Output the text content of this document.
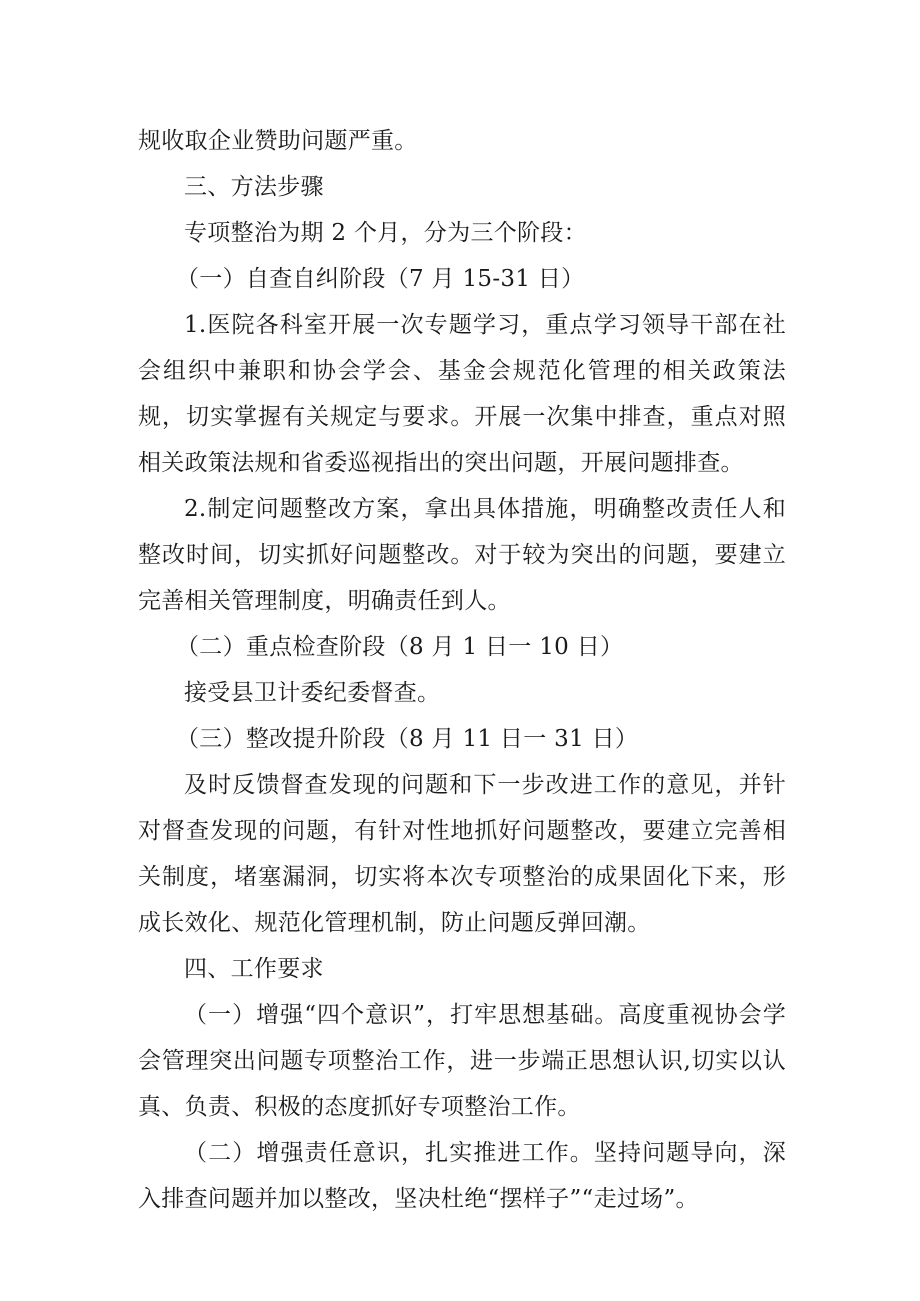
规收取企业赞助问题严重。

三、方法步骤

专项整治为期 2 个月，分为三个阶段：

（一）自查自纠阶段（7 月 15-31 日）

1.医院各科室开展一次专题学习，重点学习领导干部在社会组织中兼职和协会学会、基金会规范化管理的相关政策法规，切实掌握有关规定与要求。开展一次集中排查，重点对照相关政策法规和省委巡视指出的突出问题，开展问题排查。

2.制定问题整改方案，拿出具体措施，明确整改责任人和整改时间，切实抓好问题整改。对于较为突出的问题，要建立完善相关管理制度，明确责任到人。

（二）重点检查阶段（8 月 1 日一 10 日）

接受县卫计委纪委督查。

（三）整改提升阶段（8 月 11 日一 31 日）

及时反馈督查发现的问题和下一步改进工作的意见，并针对督查发现的问题，有针对性地抓好问题整改，要建立完善相关制度，堵塞漏洞，切实将本次专项整治的成果固化下来，形成长效化、规范化管理机制，防止问题反弹回潮。

四、工作要求

（一）增强“四个意识”，打牢思想基础。高度重视协会学会管理突出问题专项整治工作，进一步端正思想认识,切实以认真、负责、积极的态度抓好专项整治工作。

（二）增强责任意识，扎实推进工作。坚持问题导向，深入排查问题并加以整改，坚决杜绝“摆样子”“走过场”。
